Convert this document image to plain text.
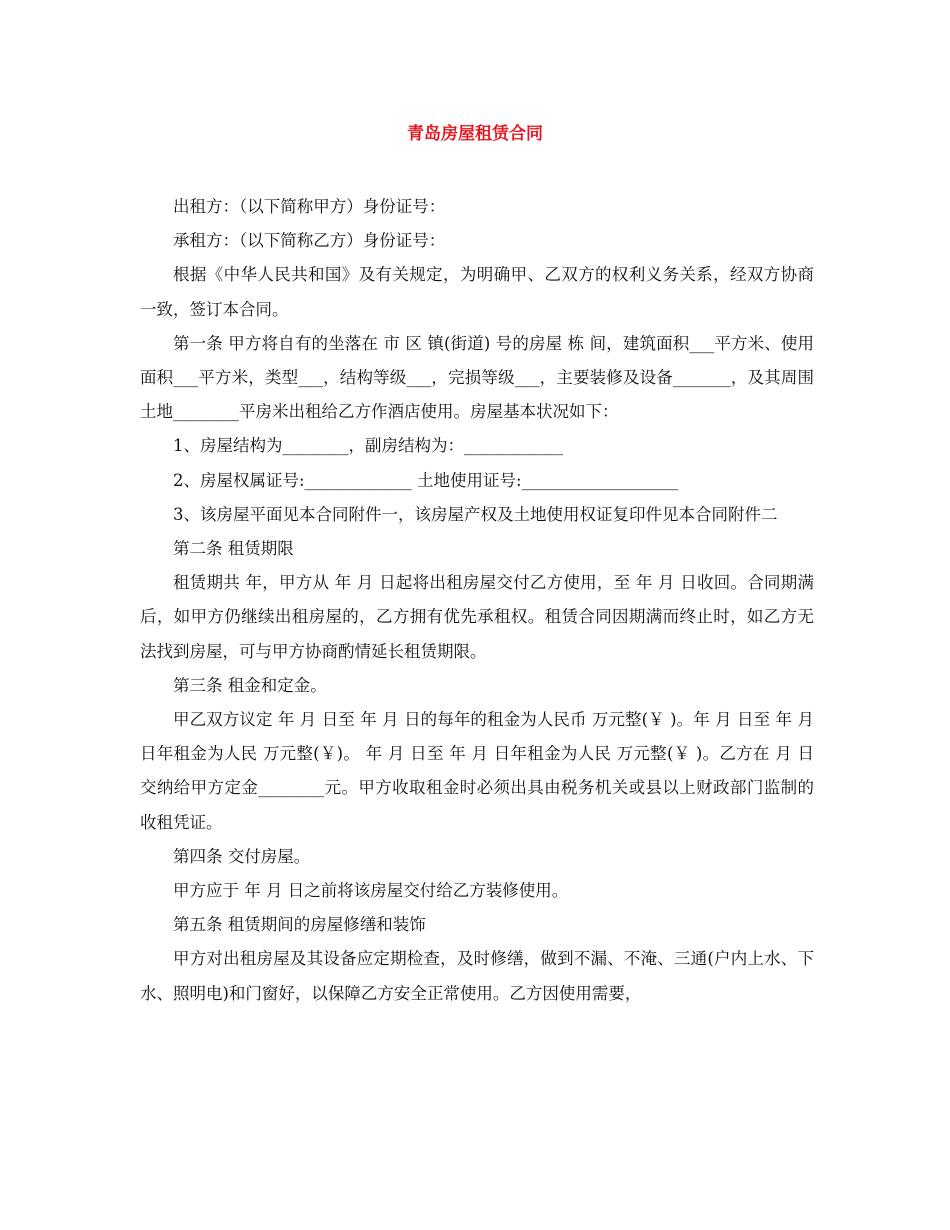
青岛房屋租赁合同

出租方：（以下简称甲方）身份证号：

承租方：（以下简称乙方）身份证号：

根据《中华人民共和国》及有关规定，为明确甲、乙双方的权利义务关系，经双方协商一致，签订本合同。

第一条 甲方将自有的坐落在 市 区 镇(街道) 号的房屋 栋 间，建筑面积___平方米、使用面积___平方米，类型___，结构等级___，完损等级___，主要装修及设备_______，及其周围土地________平房米出租给乙方作酒店使用。房屋基本状况如下：

1、房屋结构为________，副房结构为：____________

2、房屋权属证号:_____________ 土地使用证号:___________________

3、该房屋平面见本合同附件一，该房屋产权及土地使用权证复印件见本合同附件二

第二条 租赁期限

租赁期共 年，甲方从 年 月 日起将出租房屋交付乙方使用，至 年 月 日收回。合同期满后，如甲方仍继续出租房屋的，乙方拥有优先承租权。租赁合同因期满而终止时，如乙方无法找到房屋，可与甲方协商酌情延长租赁期限。

第三条 租金和定金。

甲乙双方议定 年 月 日至 年 月 日的每年的租金为人民币 万元整(￥ )。年 月 日至 年 月 日年租金为人民 万元整(￥)。 年 月 日至 年 月 日年租金为人民 万元整(￥ )。乙方在 月 日交纳给甲方定金________元。甲方收取租金时必须出具由税务机关或县以上财政部门监制的收租凭证。

第四条 交付房屋。

甲方应于 年 月 日之前将该房屋交付给乙方装修使用。

第五条 租赁期间的房屋修缮和装饰

甲方对出租房屋及其设备应定期检查，及时修缮，做到不漏、不淹、三通(户内上水、下水、照明电)和门窗好，以保障乙方安全正常使用。乙方因使用需要，
